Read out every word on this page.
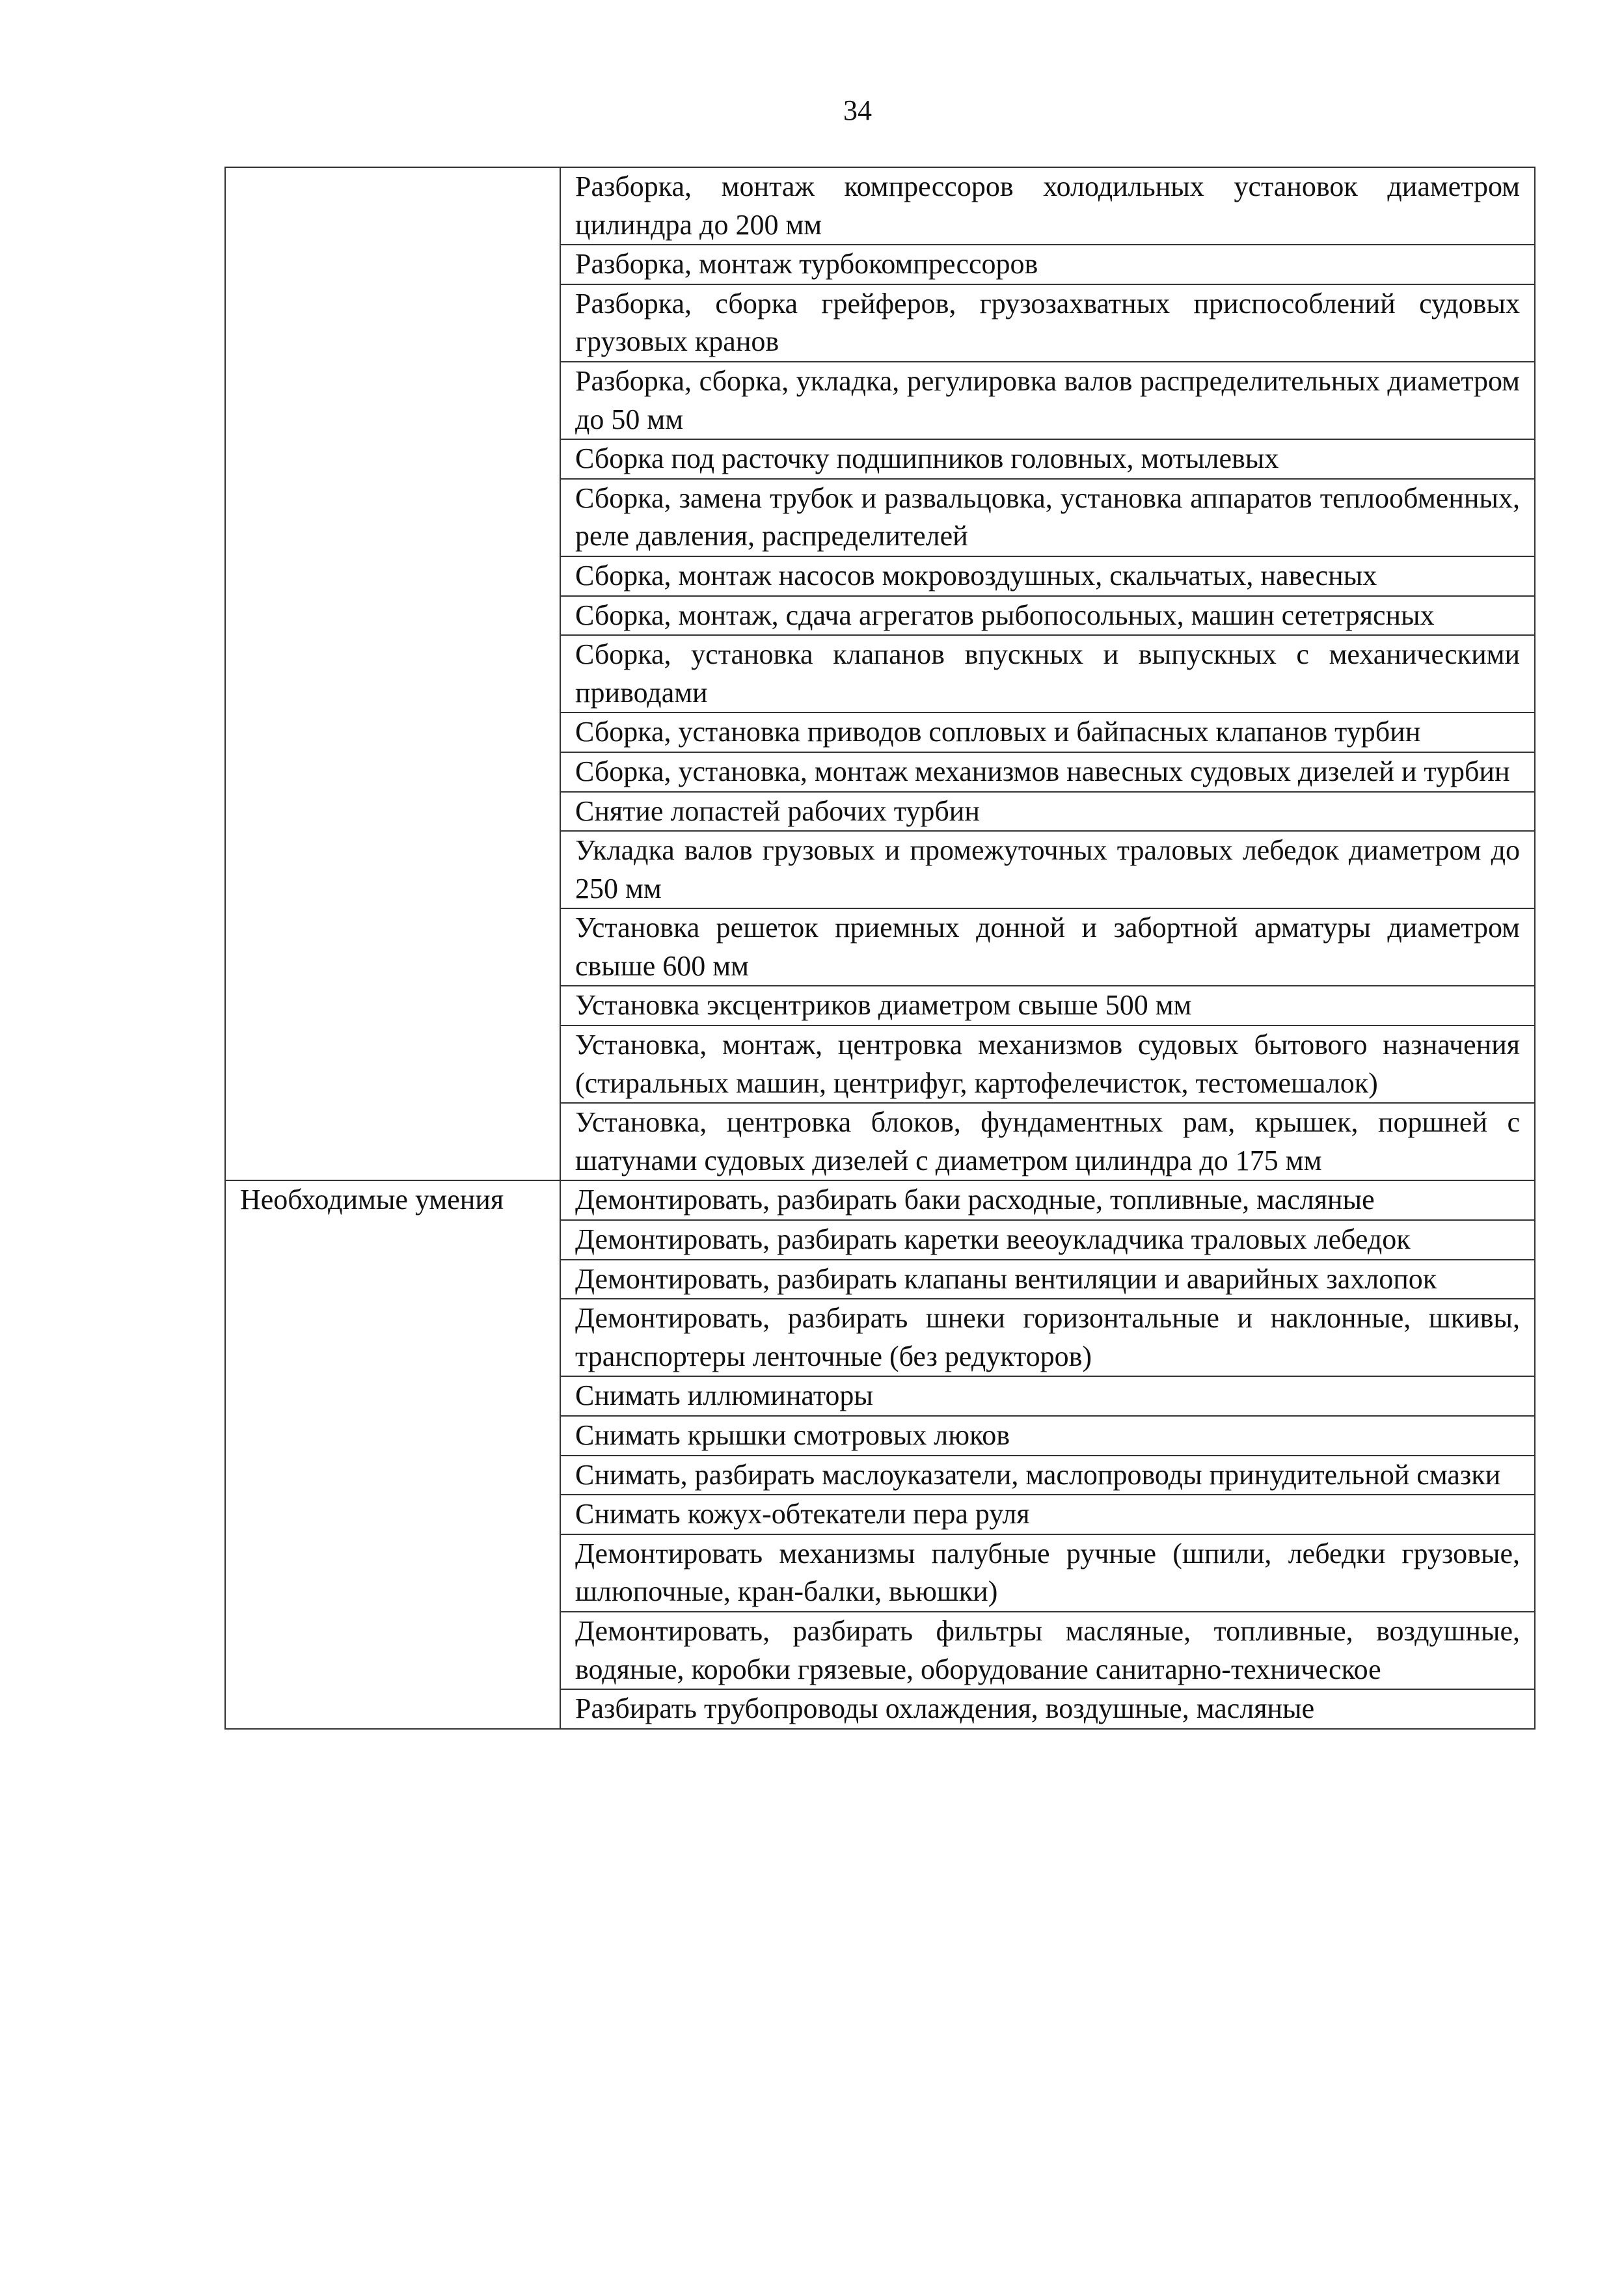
34
	Разборка, монтаж компрессоров холодильных установок диаметром цилиндра до 200 мм
	Разборка, монтаж турбокомпрессоров
	Разборка, сборка грейферов, грузозахватных приспособлений судовых грузовых кранов
	Разборка, сборка, укладка, регулировка валов распределительных диаметром до 50 мм
	Сборка под расточку подшипников головных, мотылевых
	Сборка, замена трубок и развальцовка, установка аппаратов теплообменных, реле давления, распределителей
	Сборка, монтаж насосов мокровоздушных, скальчатых, навесных
	Сборка, монтаж, сдача агрегатов рыбопосольных, машин сететрясных
	Сборка, установка клапанов впускных и выпускных с механическими приводами
	Сборка, установка приводов сопловых и байпасных клапанов турбин
	Сборка, установка, монтаж механизмов навесных судовых дизелей и турбин
	Снятие лопастей рабочих турбин
	Укладка валов грузовых и промежуточных траловых лебедок диаметром до 250 мм
	Установка решеток приемных донной и забортной арматуры диаметром свыше 600 мм
	Установка эксцентриков диаметром свыше 500 мм
	Установка, монтаж, центровка механизмов судовых бытового назначения (стиральных машин, центрифуг, картофелечисток, тестомешалок)
	Установка, центровка блоков, фундаментных рам, крышек, поршней с шатунами судовых дизелей с диаметром цилиндра до 175 мм
Необходимые умения	Демонтировать, разбирать баки расходные, топливные, масляные
	Демонтировать, разбирать каретки вееоукладчика траловых лебедок
	Демонтировать, разбирать клапаны вентиляции и аварийных захлопок
	Демонтировать, разбирать шнеки горизонтальные и наклонные, шкивы, транспортеры ленточные (без редукторов)
	Снимать иллюминаторы
	Снимать крышки смотровых люков
	Снимать, разбирать маслоуказатели, маслопроводы принудительной смазки
	Снимать кожух-обтекатели пера руля
	Демонтировать механизмы палубные ручные (шпили, лебедки грузовые, шлюпочные, кран-балки, вьюшки)
	Демонтировать, разбирать фильтры масляные, топливные, воздушные, водяные, коробки грязевые, оборудование санитарно-техническое
	Разбирать трубопроводы охлаждения, воздушные, масляные
